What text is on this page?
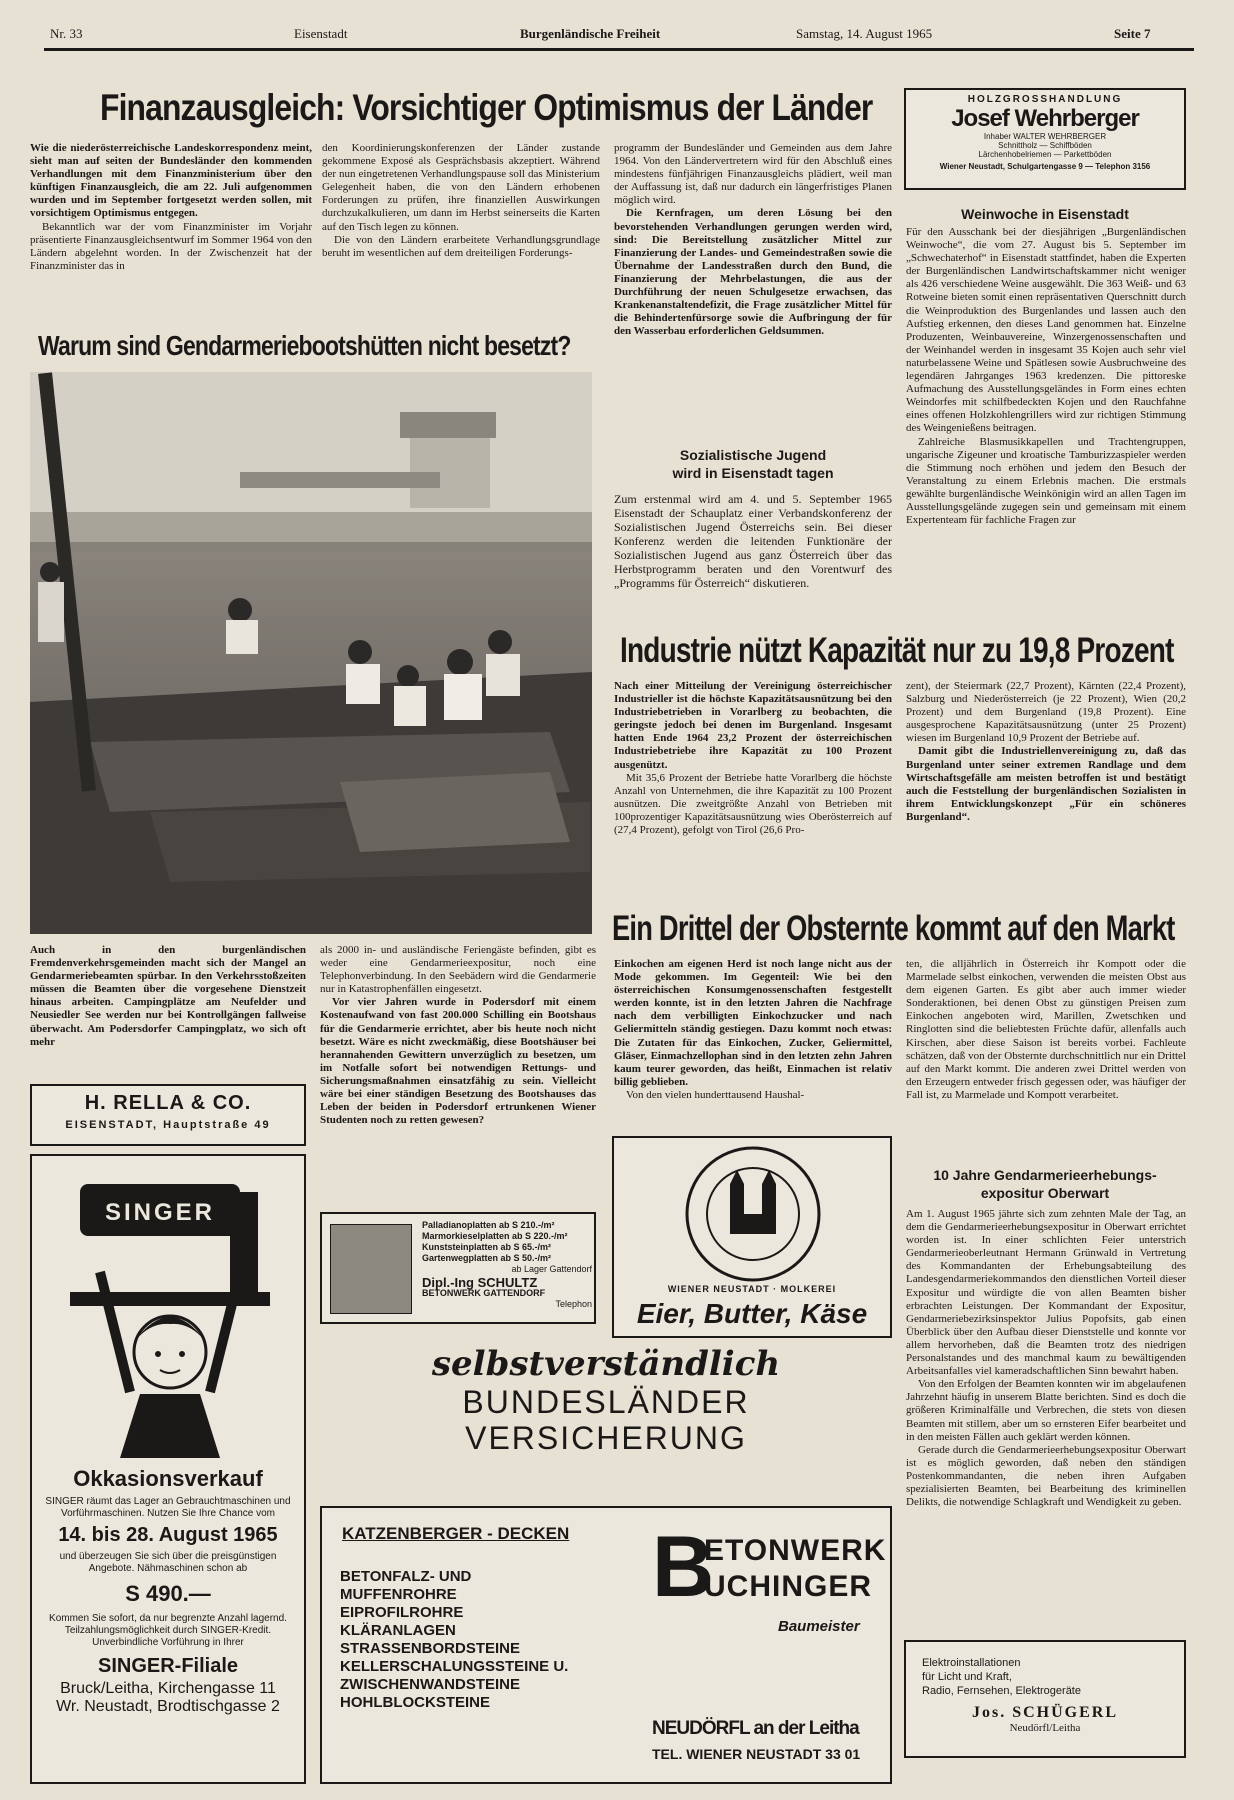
Nr. 33	Eisenstadt	Burgenländische Freiheit	Samstag, 14. August 1965	Seite 7
Finanzausgleich: Vorsichtiger Optimismus der Länder

Wie die niederösterreichische Landeskorrespondenz meint, sieht man auf seiten der Bundesländer den kommenden Verhandlungen mit dem Finanzministerium über den künftigen Finanzausgleich, die am 22. Juli aufgenommen wurden und im September fortgesetzt werden sollen, mit vorsichtigem Optimismus entgegen.

Bekanntlich war der vom Finanzminister im Vorjahr präsentierte Finanzausgleichsentwurf im Sommer 1964 von den Ländern abgelehnt worden. In der Zwischenzeit hat der Finanzminister das in

den Koordinierungskonferenzen der Länder zustande gekommene Exposé als Gesprächsbasis akzeptiert. Während der nun eingetretenen Verhandlungspause soll das Ministerium Gelegenheit haben, die von den Ländern erhobenen Forderungen zu prüfen, ihre finanziellen Auswirkungen durchzukalkulieren, um dann im Herbst seinerseits die Karten auf den Tisch legen zu können.

Die von den Ländern erarbeitete Verhandlungsgrundlage beruht im wesentlichen auf dem dreiteiligen Forderungs-

programm der Bundesländer und Gemeinden aus dem Jahre 1964. Von den Ländervertretern wird für den Abschluß eines mindestens fünfjährigen Finanzausgleichs plädiert, weil man der Auffassung ist, daß nur dadurch ein längerfristiges Planen möglich wird.

Die Kernfragen, um deren Lösung bei den bevorstehenden Verhandlungen gerungen werden wird, sind: Die Bereitstellung zusätzlicher Mittel zur Finanzierung der Landes- und Gemeindestraßen sowie die Übernahme der Landesstraßen durch den Bund, die Finanzierung der Mehrbelastungen, die aus der Durchführung der neuen Schulgesetze erwachsen, das Krankenanstaltendefizit, die Frage zusätzlicher Mittel für die Behindertenfürsorge sowie die Aufbringung der für den Wasserbau erforderlichen Geldsummen.

HOLZGROSSHANDLUNG
Josef Wehrberger
Inhaber WALTER WEHRBERGER
Schnittholz — Schiffböden
Lärchenhobelriemen — Parkettböden
Wiener Neustadt, Schulgartengasse 9 — Telephon 3156
Weinwoche in Eisenstadt

Für den Ausschank bei der diesjährigen „Burgenländischen Weinwoche“, die vom 27. August bis 5. September im „Schwechaterhof“ in Eisenstadt stattfindet, haben die Experten der Burgenländischen Landwirtschaftskammer nicht weniger als 426 verschiedene Weine ausgewählt. Die 363 Weiß- und 63 Rotweine bieten somit einen repräsentativen Querschnitt durch die Weinproduktion des Burgenlandes und lassen auch den Aufstieg erkennen, den dieses Land genommen hat. Einzelne Produzenten, Weinbauvereine, Winzergenossenschaften und der Weinhandel werden in insgesamt 35 Kojen auch sehr viel naturbelassene Weine und Spätlesen sowie Ausbruchweine des legendären Jahrganges 1963 kredenzen. Die pittoreske Aufmachung des Ausstellungsgeländes in Form eines echten Weindorfes mit schilfbedeckten Kojen und den Rauchfahne eines offenen Holzkohlengrillers wird zur richtigen Stimmung des Weingenießens beitragen.

Zahlreiche Blasmusikkapellen und Trachtengruppen, ungarische Zigeuner und kroatische Tamburizzaspieler werden die Stimmung noch erhöhen und jedem den Besuch der Veranstaltung zu einem Erlebnis machen. Die erstmals gewählte burgenländische Weinkönigin wird an allen Tagen im Ausstellungsgelände zugegen sein und gemeinsam mit einem Expertenteam für fachliche Fragen zur

Warum sind Gendarmeriebootshütten nicht besetzt?
Auch in den burgenländischen Fremdenverkehrsgemeinden macht sich der Mangel an Gendarmeriebeamten spürbar. In den Verkehrsstoßzeiten müssen die Beamten über die vorgesehene Dienstzeit hinaus arbeiten. Campingplätze am Neufelder und Neusiedler See werden nur bei Kontrollgängen fallweise überwacht. Am Podersdorfer Campingplatz, wo sich oft mehr

als 2000 in- und ausländische Feriengäste befinden, gibt es weder eine Gendarmerieexpositur, noch eine Telephonverbindung. In den Seebädern wird die Gendarmerie nur in Katastrophenfällen eingesetzt.

Vor vier Jahren wurde in Podersdorf mit einem Kostenaufwand von fast 200.000 Schilling ein Bootshaus für die Gendarmerie errichtet, aber bis heute noch nicht besetzt. Wäre es nicht zweckmäßig, diese Bootshäuser bei herannahenden Gewittern unverzüglich zu besetzen, um im Notfalle sofort bei notwendigen Rettungs- und Sicherungsmaßnahmen einsatzfähig zu sein. Vielleicht wäre bei einer ständigen Besetzung des Bootshauses das Leben der beiden in Podersdorf ertrunkenen Wiener Studenten noch zu retten gewesen?

Sozialistische Jugend
wird in Eisenstadt tagen
Zum erstenmal wird am 4. und 5. September 1965 Eisenstadt der Schauplatz einer Verbandskonferenz der Sozialistischen Jugend Österreichs sein. Bei dieser Konferenz werden die leitenden Funktionäre der Sozialistischen Jugend aus ganz Österreich über das Herbstprogramm beraten und den Vorentwurf des „Programms für Österreich“ diskutieren.
Industrie nützt Kapazität nur zu 19,8 Prozent

Nach einer Mitteilung der Vereinigung österreichischer Industrieller ist die höchste Kapazitätsausnützung bei den Industriebetrieben in Vorarlberg zu beobachten, die geringste jedoch bei denen im Burgenland. Insgesamt hatten Ende 1964 23,2 Prozent der österreichischen Industriebetriebe ihre Kapazität zu 100 Prozent ausgenützt.

Mit 35,6 Prozent der Betriebe hatte Vorarlberg die höchste Anzahl von Unternehmen, die ihre Kapazität zu 100 Prozent ausnützen. Die zweitgrößte Anzahl von Betrieben mit 100prozentiger Kapazitätsausnützung wies Oberösterreich auf (27,4 Prozent), gefolgt von Tirol (26,6 Pro-

zent), der Steiermark (22,7 Prozent), Kärnten (22,4 Prozent), Salzburg und Niederösterreich (je 22 Prozent), Wien (20,2 Prozent) und dem Burgenland (19,8 Prozent). Eine ausgesprochene Kapazitätsausnützung (unter 25 Prozent) wiesen im Burgenland 10,9 Prozent der Betriebe auf.

Damit gibt die Industriellenvereinigung zu, daß das Burgenland unter seiner extremen Randlage und dem Wirtschaftsgefälle am meisten betroffen ist und bestätigt auch die Feststellung der burgenländischen Sozialisten in ihrem Entwicklungskonzept „Für ein schöneres Burgenland“.

Ein Drittel der Obsternte kommt auf den Markt

Einkochen am eigenen Herd ist noch lange nicht aus der Mode gekommen. Im Gegenteil: Wie bei den österreichischen Konsumgenossenschaften festgestellt werden konnte, ist in den letzten Jahren die Nachfrage nach dem verbilligten Einkochzucker und nach Geliermitteln ständig gestiegen. Dazu kommt noch etwas: Die Zutaten für das Einkochen, Zucker, Geliermittel, Gläser, Einmachzellophan sind in den letzten zehn Jahren kaum teurer geworden, das heißt, Einmachen ist relativ billig geblieben.

Von den vielen hunderttausend Haushal-

ten, die alljährlich in Österreich ihr Kompott oder die Marmelade selbst einkochen, verwenden die meisten Obst aus dem eigenen Garten. Es gibt aber auch immer wieder Sonderaktionen, bei denen Obst zu günstigen Preisen zum Einkochen angeboten wird, Marillen, Zwetschken und Ringlotten sind die beliebtesten Früchte dafür, allenfalls auch Kirschen, aber diese Saison ist bereits vorbei. Fachleute schätzen, daß von der Obsternte durchschnittlich nur ein Drittel auf den Markt kommt. Die anderen zwei Drittel werden von den Erzeugern entweder frisch gegessen oder, was häufiger der Fall ist, zu Marmelade und Kompott verarbeitet.
10 Jahre Gendarmerieerhebungs-
expositur Oberwart

Am 1. August 1965 jährte sich zum zehnten Male der Tag, an dem die Gendarmerieerhebungsexpositur in Oberwart errichtet worden ist. In einer schlichten Feier unterstrich Gendarmerieoberleutnant Hermann Grünwald in Vertretung des Kommandanten der Erhebungsabteilung des Landesgendarmeriekommandos den dienstlichen Vorteil dieser Expositur und würdigte die von allen Beamten bisher erbrachten Leistungen. Der Kommandant der Expositur, Gendarmeriebezirksinspektor Julius Popofsits, gab einen Überblick über den Aufbau dieser Dienststelle und konnte vor allem hervorheben, daß die Beamten trotz des niedrigen Personalstandes und des manchmal kaum zu bewältigenden Arbeitsanfalles viel kameradschaftlichen Sinn bewahrt haben.

Von den Erfolgen der Beamten konnten wir im abgelaufenen Jahrzehnt häufig in unserem Blatte berichten. Sind es doch die größeren Kriminalfälle und Verbrechen, die stets von diesen Beamten mit stillem, aber um so ernsteren Eifer bearbeitet und in den meisten Fällen auch geklärt werden können.

Gerade durch die Gendarmerieerhebungsexpositur Oberwart ist es möglich geworden, daß neben den ständigen Postenkommandanten, die neben ihren Aufgaben spezialisierten Beamten, bei Bearbeitung des kriminellen Delikts, die notwendige Schlagkraft und Wendigkeit zu geben.

H. RELLA & CO.
EISENSTADT, Hauptstraße 49
SINGER
Okkasionsverkauf
SINGER räumt das Lager an Gebrauchtmaschinen und Vorführmaschinen. Nutzen Sie Ihre Chance vom
14. bis 28. August 1965
und überzeugen Sie sich über die preisgünstigen Angebote. Nähmaschinen schon ab
S 490.—
Kommen Sie sofort, da nur begrenzte Anzahl lagernd. Teilzahlungsmöglichkeit durch SINGER-Kredit. Unverbindliche Vorführung in Ihrer
SINGER-Filiale
Bruck/Leitha, Kirchengasse 11
Wr. Neustadt, Brodtischgasse 2
Palladianoplatten ab S 210.-/m²
Marmorkieselplatten ab S 220.-/m²
Kunststeinplatten ab S 65.-/m²
Gartenwegplatten ab S 50.-/m²
ab Lager Gattendorf
Dipl.-Ing SCHULTZ
BETONWERK GATTENDORF
Telephon
WIENER NEUSTADT · MOLKEREI
Eier, Butter, Käse
selbstverständlich
BUNDESLÄNDER
VERSICHERUNG
KATZENBERGER - DECKEN
BETONFALZ- UND
MUFFENROHRE
EIPROFILROHRE
KLÄRANLAGEN
STRASSENBORDSTEINE
KELLERSCHALUNGSSTEINE U.
ZWISCHENWANDSTEINE
HOHLBLOCKSTEINE
B
ETONWERK
UCHINGER
Baumeister
NEUDÖRFL an der Leitha
TEL. WIENER NEUSTADT 33 01
Elektroinstallationen
für Licht und Kraft,
Radio, Fernsehen, Elektrogeräte
Jos. SCHÜGERL
Neudörfl/Leitha
